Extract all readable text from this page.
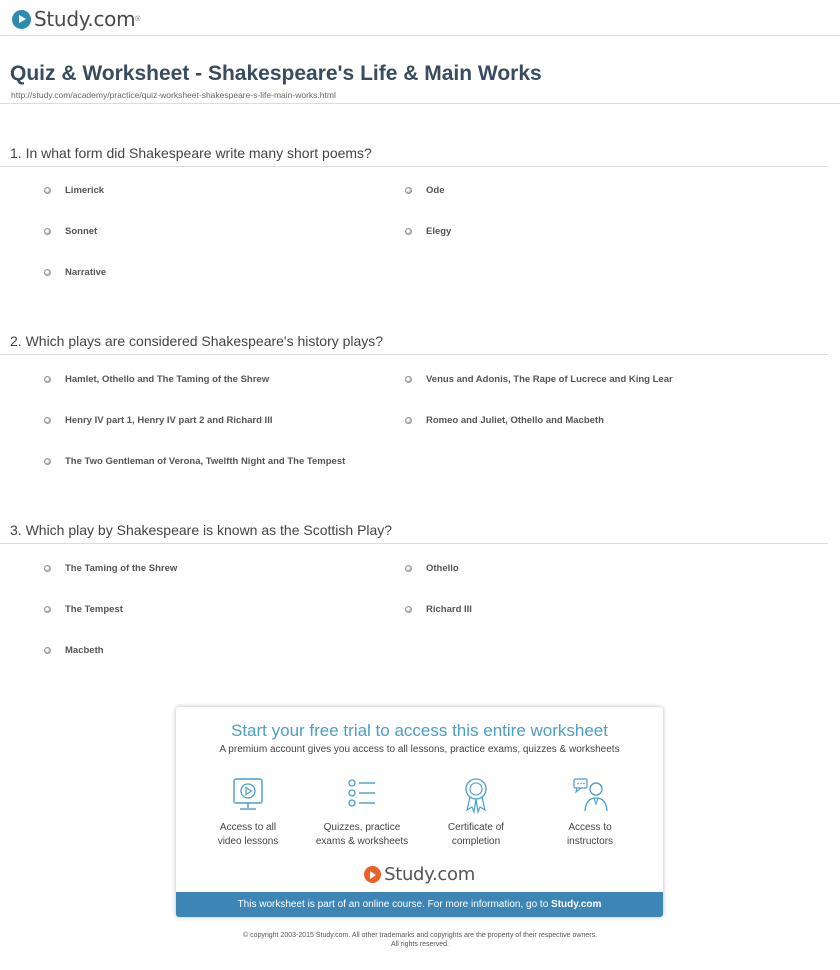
Study.com ®
Quiz & Worksheet - Shakespeare's Life & Main Works
http://study.com/academy/practice/quiz-worksheet-shakespeare-s-life-main-works.html
1. In what form did Shakespeare write many short poems?
Limerick	Ode
Sonnet	Elegy
Narrative
2. Which plays are considered Shakespeare's history plays?
Hamlet, Othello and The Taming of the Shrew	Venus and Adonis, The Rape of Lucrece and King Lear
Henry IV part 1, Henry IV part 2 and Richard III	Romeo and Juliet, Othello and Macbeth
The Two Gentleman of Verona, Twelfth Night and The Tempest
3. Which play by Shakespeare is known as the Scottish Play?
The Taming of the Shrew	Othello
The Tempest	Richard III
Macbeth
Start your free trial to access this entire worksheet
A premium account gives you access to all lessons, practice exams, quizzes & worksheets
Access to all
video lessons
Quizzes, practice
exams & worksheets
Certificate of
completion
Access to
instructors
Study.com
This worksheet is part of an online course. For more information, go to Study.com
© copyright 2003-2015 Study.com. All other trademarks and copyrights are the property of their respective owners.
All rights reserved.
